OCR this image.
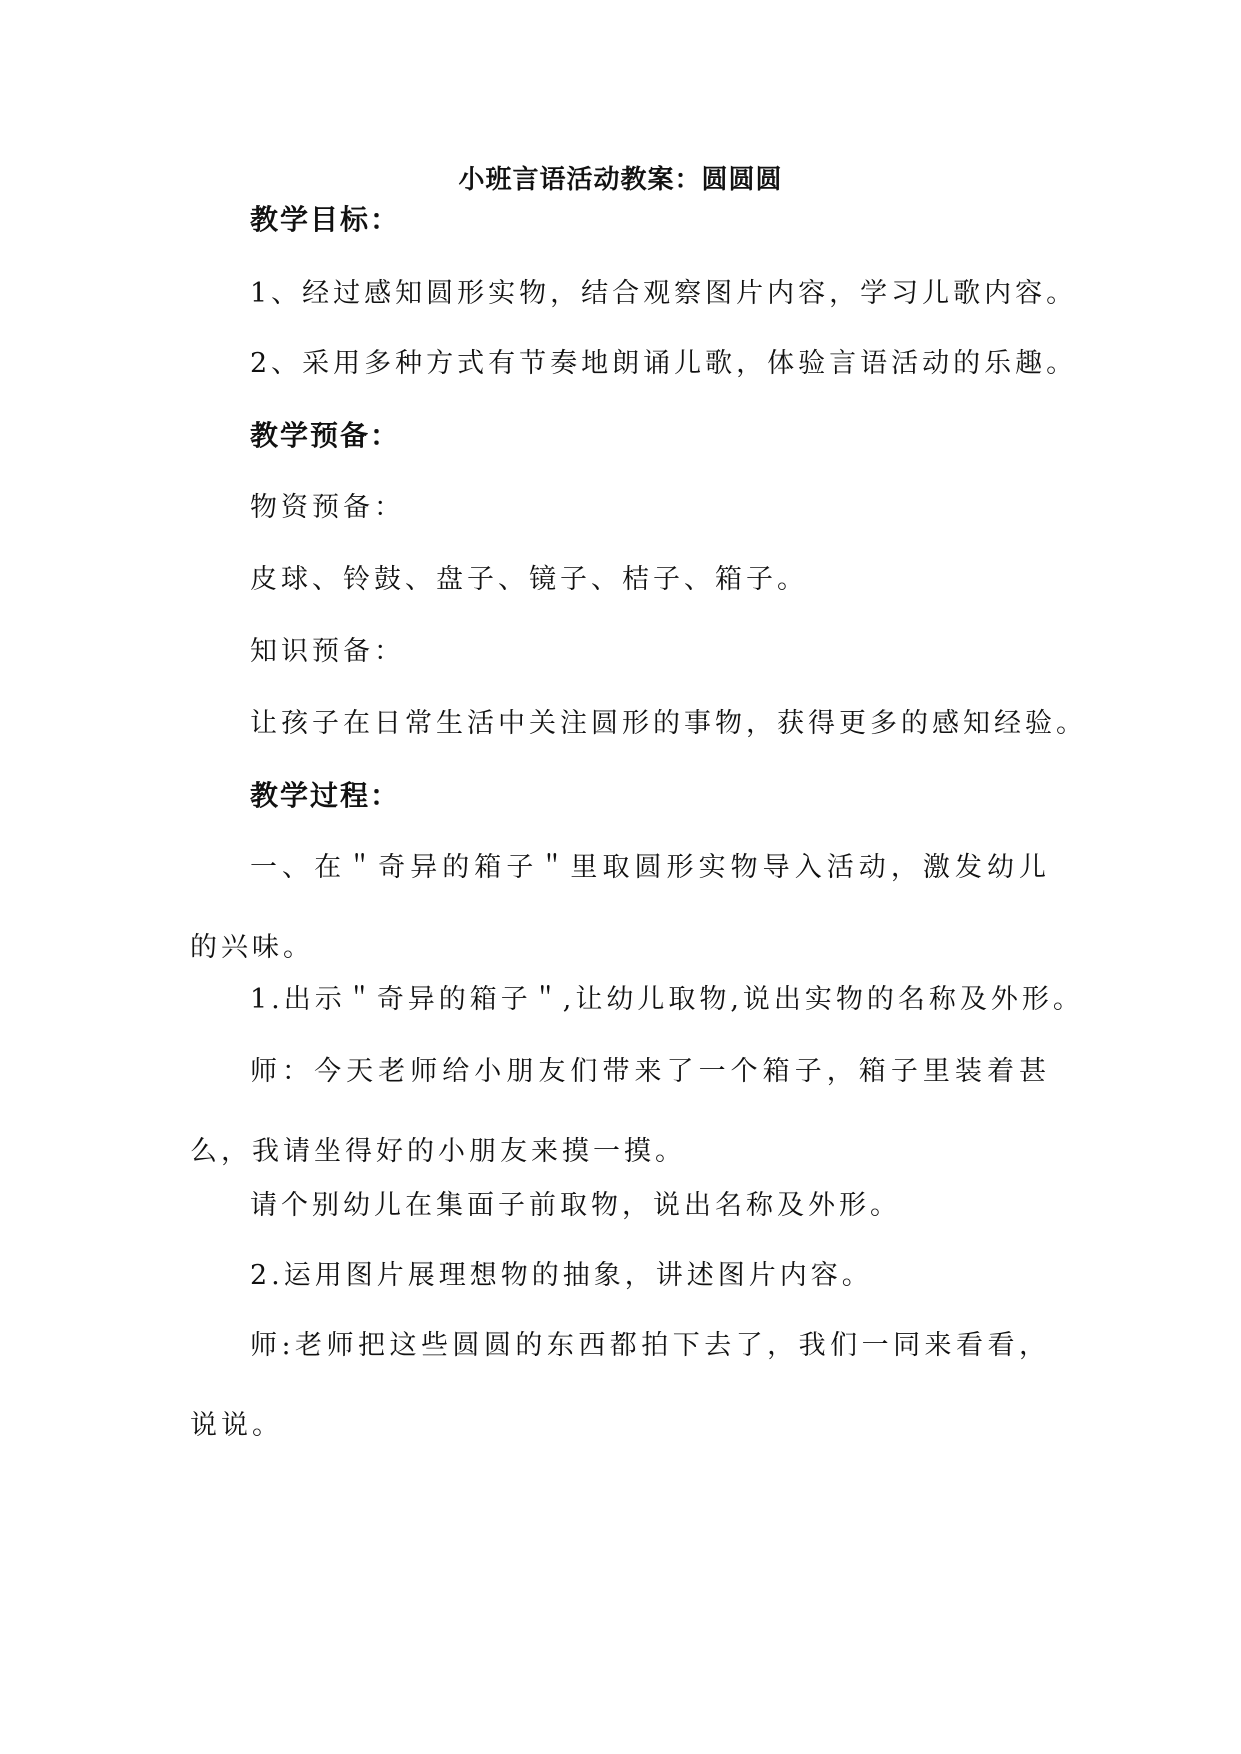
小班言语活动教案：圆圆圆
教学目标：
1、经过感知圆形实物，结合观察图片内容，学习儿歌内容。
2、采用多种方式有节奏地朗诵儿歌，体验言语活动的乐趣。
教学预备：
物资预备：
皮球、铃鼓、盘子、镜子、桔子、箱子。
知识预备：
让孩子在日常生活中关注圆形的事物，获得更多的感知经验。
教学过程：
一、在＂奇异的箱子＂里取圆形实物导入活动，激发幼儿的兴味。
1.出示＂奇异的箱子＂,让幼儿取物,说出实物的名称及外形。
师：今天老师给小朋友们带来了一个箱子，箱子里装着甚么，我请坐得好的小朋友来摸一摸。
请个别幼儿在集面子前取物，说出名称及外形。
2.运用图片展理想物的抽象，讲述图片内容。
师:老师把这些圆圆的东西都拍下去了，我们一同来看看，说说。
